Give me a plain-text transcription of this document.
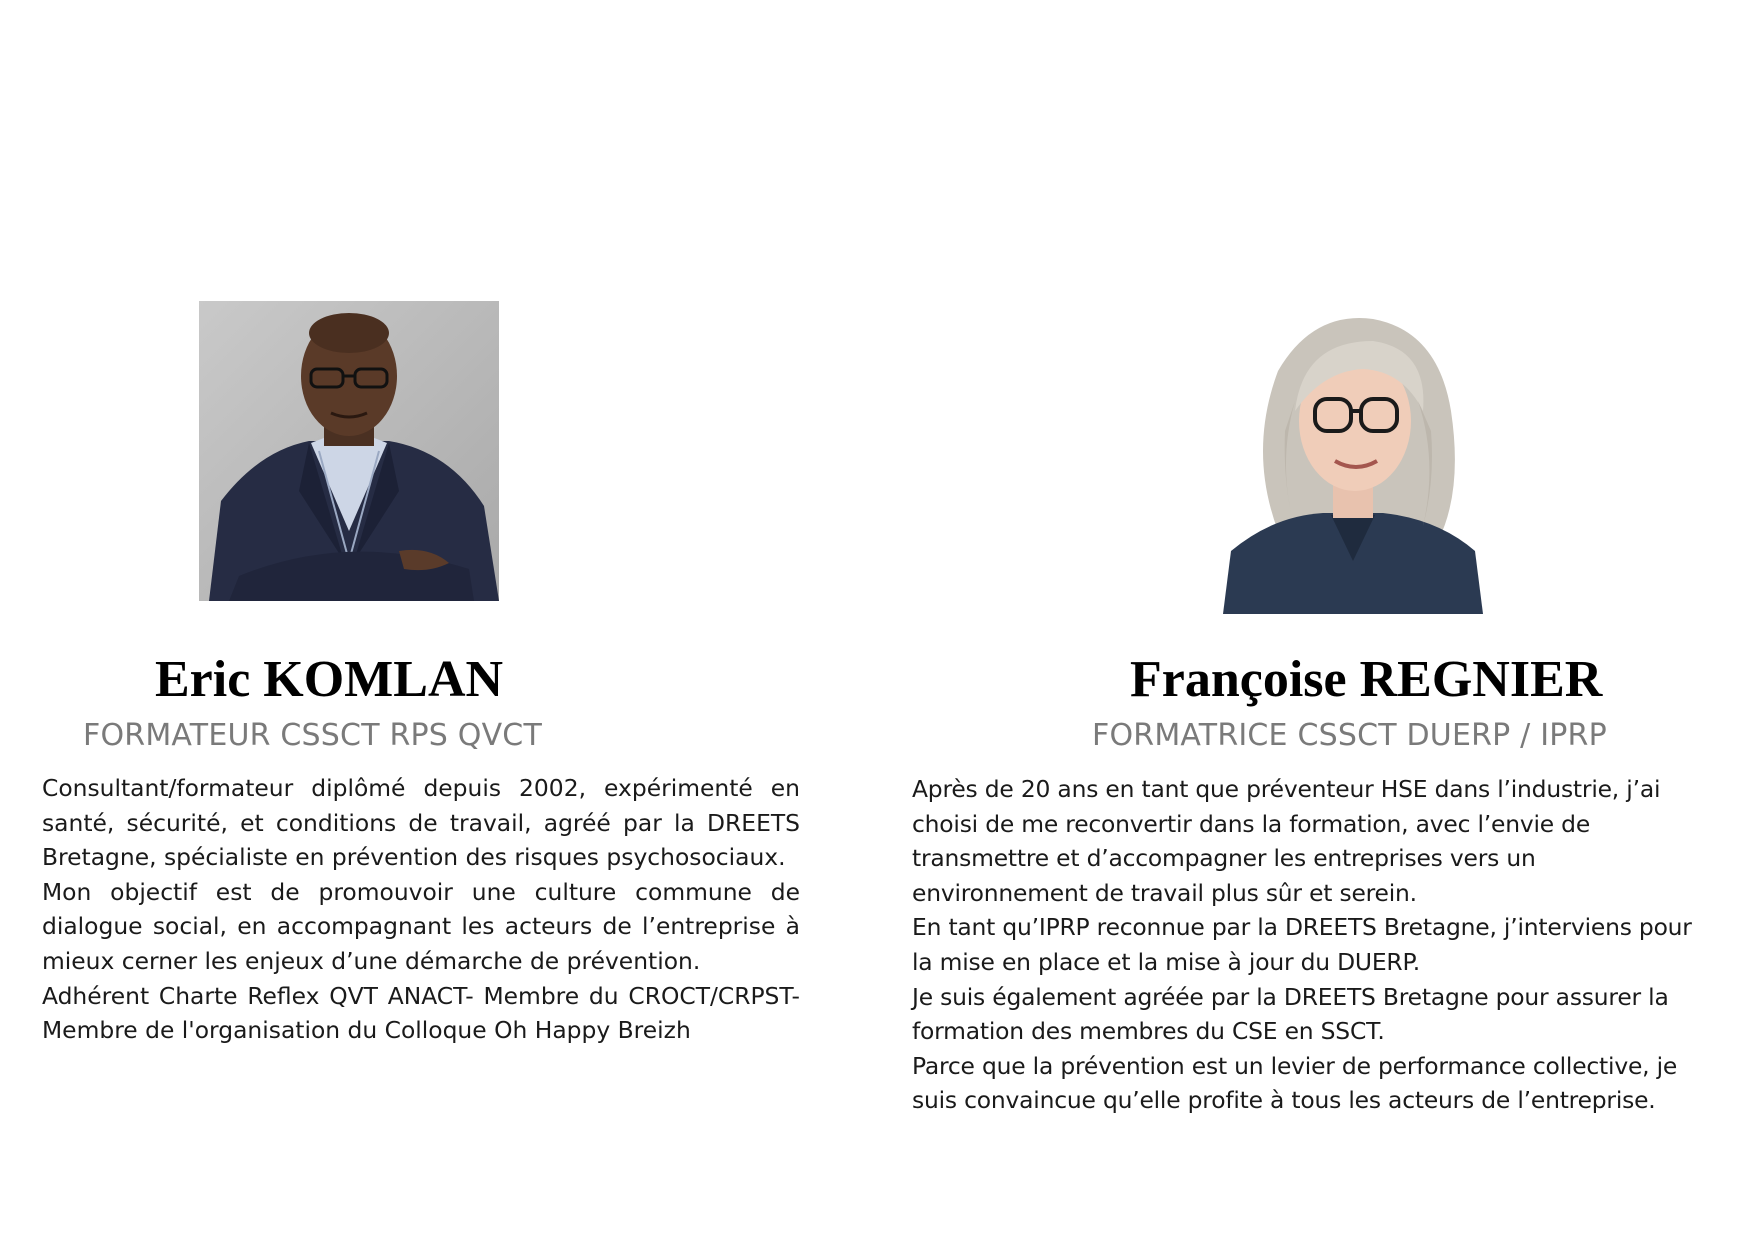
Eric KOMLAN
FORMATEUR CSSCT RPS QVCT

Consultant/formateur diplômé depuis 2002, expérimenté en santé, sécurité, et conditions de travail, agréé par la DREETS Bretagne, spécialiste en prévention des risques psychosociaux.

Mon objectif est de promouvoir une culture commune de dialogue social, en accompagnant les acteurs de l’entreprise à mieux cerner les enjeux d’une démarche de prévention.

Adhérent Charte Reflex QVT ANACT- Membre du CROCT/CRPST- Membre de l'organisation du Colloque Oh Happy Breizh

Françoise REGNIER
FORMATRICE CSSCT DUERP / IPRP

Après de 20 ans en tant que préventeur HSE dans l’industrie, j’ai choisi de me reconvertir dans la formation, avec l’envie de transmettre et d’accompagner les entreprises vers un environnement de travail plus sûr et serein.

En tant qu’IPRP reconnue par la DREETS Bretagne, j’interviens pour la mise en place et la mise à jour du DUERP.

Je suis également agréée par la DREETS Bretagne pour assurer la formation des membres du CSE en SSCT.

Parce que la prévention est un levier de performance collective, je suis convaincue qu’elle profite à tous les acteurs de l’entreprise.
